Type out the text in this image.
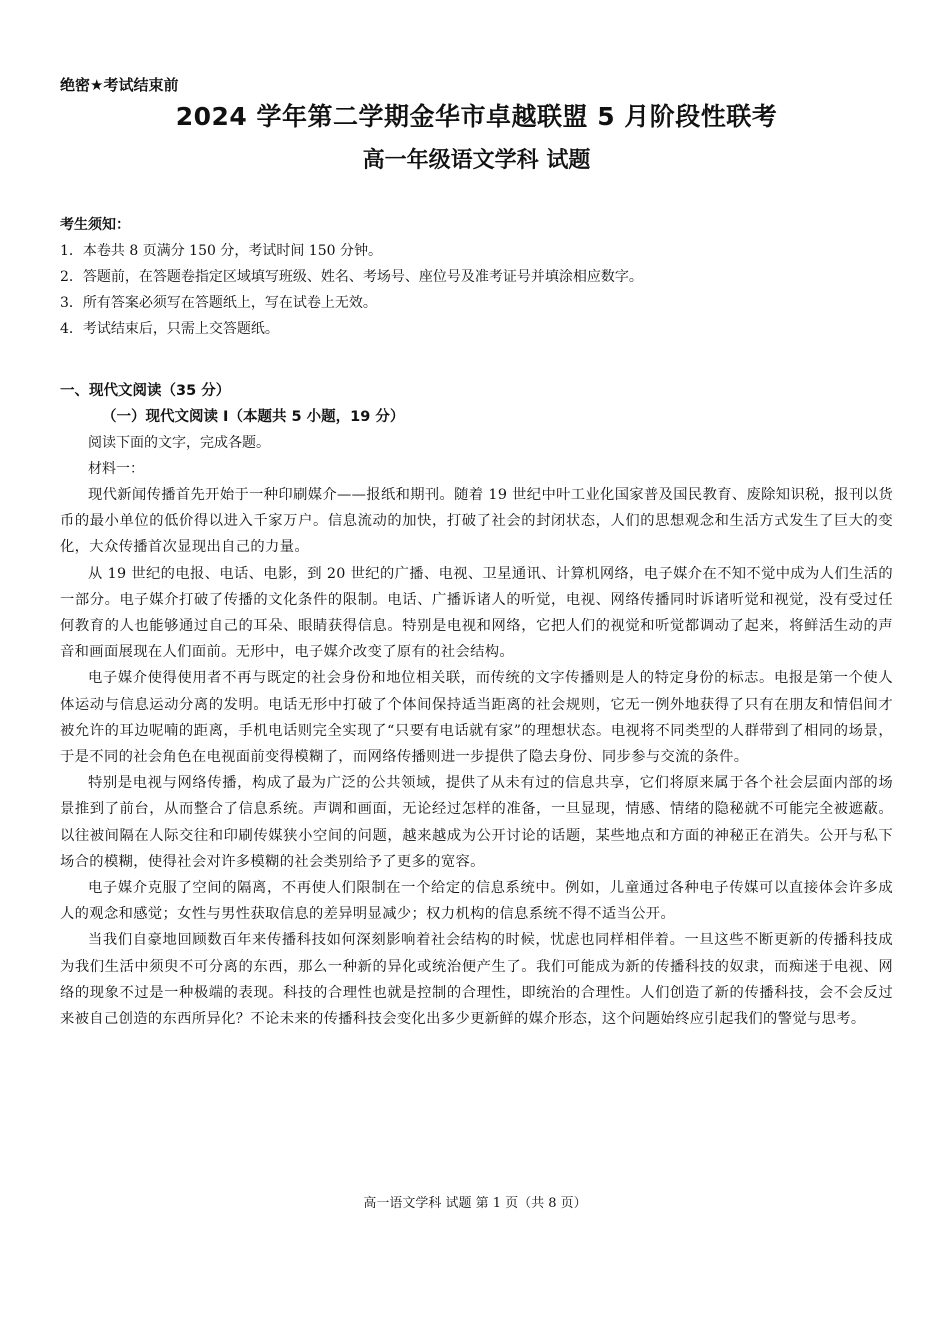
绝密★考试结束前

2024 学年第二学期金华市卓越联盟 5 月阶段性联考
高一年级语文学科 试题

考生须知：

1．本卷共 8 页满分 150 分，考试时间 150 分钟。

2．答题前，在答题卷指定区域填写班级、姓名、考场号、座位号及准考证号并填涂相应数字。

3．所有答案必须写在答题纸上，写在试卷上无效。

4．考试结束后，只需上交答题纸。

一、现代文阅读（35 分）

（一）现代文阅读 I（本题共 5 小题，19 分）

阅读下面的文字，完成各题。

材料一：

现代新闻传播首先开始于一种印刷媒介——报纸和期刊。随着 19 世纪中叶工业化国家普及国民教育、废除知识税，报刊以货币的最小单位的低价得以进入千家万户。信息流动的加快，打破了社会的封闭状态，人们的思想观念和生活方式发生了巨大的变化，大众传播首次显现出自己的力量。

从 19 世纪的电报、电话、电影，到 20 世纪的广播、电视、卫星通讯、计算机网络，电子媒介在不知不觉中成为人们生活的一部分。电子媒介打破了传播的文化条件的限制。电话、广播诉诸人的听觉，电视、网络传播同时诉诸听觉和视觉，没有受过任何教育的人也能够通过自己的耳朵、眼睛获得信息。特别是电视和网络，它把人们的视觉和听觉都调动了起来，将鲜活生动的声音和画面展现在人们面前。无形中，电子媒介改变了原有的社会结构。

电子媒介使得使用者不再与既定的社会身份和地位相关联，而传统的文字传播则是人的特定身份的标志。电报是第一个使人体运动与信息运动分离的发明。电话无形中打破了个体间保持适当距离的社会规则，它无一例外地获得了只有在朋友和情侣间才被允许的耳边呢喃的距离，手机电话则完全实现了“只要有电话就有家”的理想状态。电视将不同类型的人群带到了相同的场景，于是不同的社会角色在电视面前变得模糊了，而网络传播则进一步提供了隐去身份、同步参与交流的条件。

特别是电视与网络传播，构成了最为广泛的公共领域，提供了从未有过的信息共享，它们将原来属于各个社会层面内部的场景推到了前台，从而整合了信息系统。声调和画面，无论经过怎样的准备，一旦显现，情感、情绪的隐秘就不可能完全被遮蔽。以往被间隔在人际交往和印刷传媒狭小空间的问题，越来越成为公开讨论的话题，某些地点和方面的神秘正在消失。公开与私下场合的模糊，使得社会对许多模糊的社会类别给予了更多的宽容。

电子媒介克服了空间的隔离，不再使人们限制在一个给定的信息系统中。例如，儿童通过各种电子传媒可以直接体会许多成人的观念和感觉；女性与男性获取信息的差异明显减少；权力机构的信息系统不得不适当公开。

当我们自豪地回顾数百年来传播科技如何深刻影响着社会结构的时候，忧虑也同样相伴着。一旦这些不断更新的传播科技成为我们生活中须臾不可分离的东西，那么一种新的异化或统治便产生了。我们可能成为新的传播科技的奴隶，而痴迷于电视、网络的现象不过是一种极端的表现。科技的合理性也就是控制的合理性，即统治的合理性。人们创造了新的传播科技，会不会反过来被自己创造的东西所异化？不论未来的传播科技会变化出多少更新鲜的媒介形态，这个问题始终应引起我们的警觉与思考。

高一语文学科 试题 第 1 页（共 8 页）
